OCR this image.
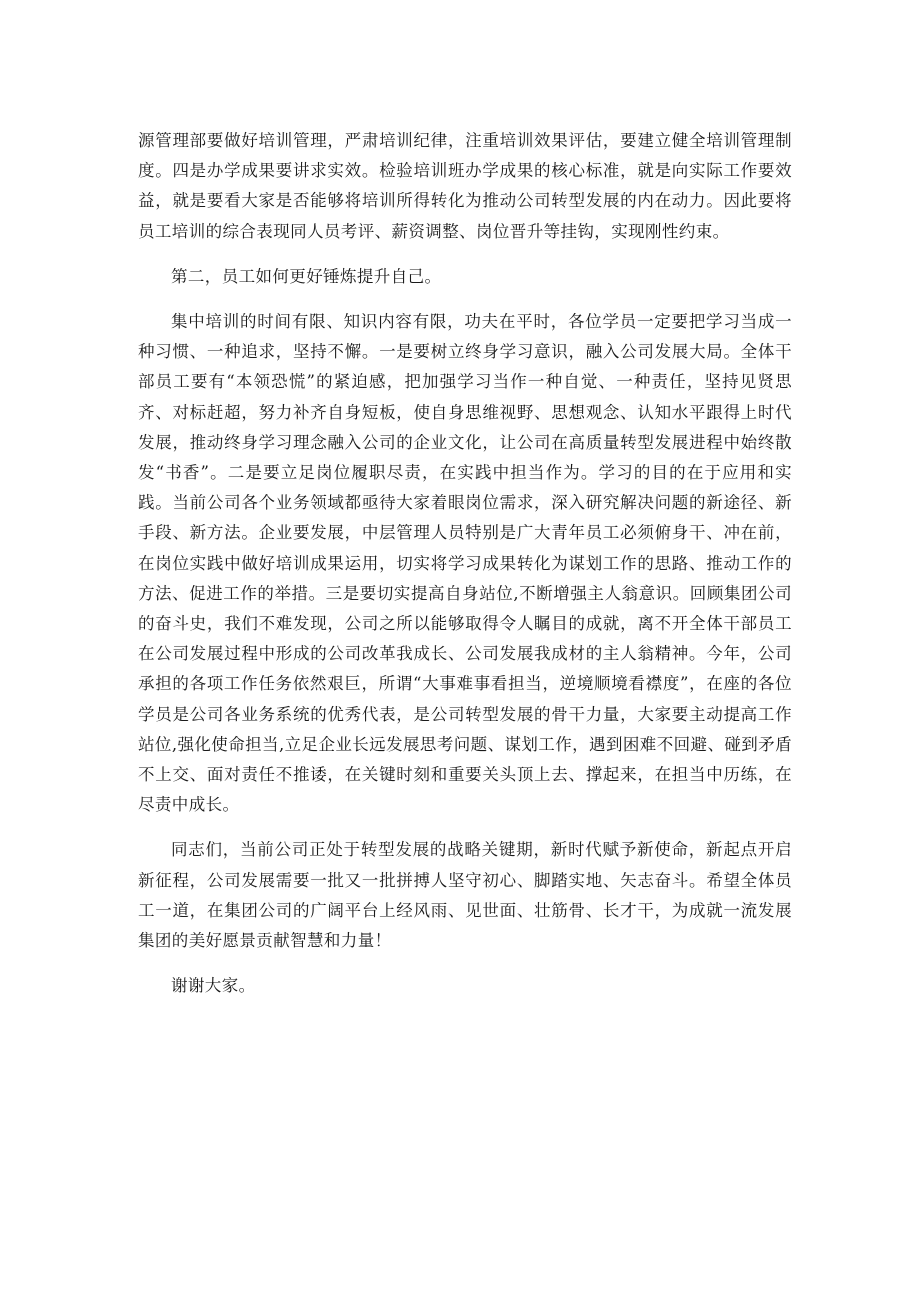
源管理部要做好培训管理，严肃培训纪律，注重培训效果评估，要建立健全培训管理制度。四是办学成果要讲求实效。检验培训班办学成果的核心标准，就是向实际工作要效益，就是要看大家是否能够将培训所得转化为推动公司转型发展的内在动力。因此要将员工培训的综合表现同人员考评、薪资调整、岗位晋升等挂钩，实现刚性约束。

第二，员工如何更好锤炼提升自己。

集中培训的时间有限、知识内容有限，功夫在平时，各位学员一定要把学习当成一种习惯、一种追求，坚持不懈。一是要树立终身学习意识，融入公司发展大局。全体干部员工要有“本领恐慌”的紧迫感，把加强学习当作一种自觉、一种责任，坚持见贤思齐、对标赶超，努力补齐自身短板，使自身思维视野、思想观念、认知水平跟得上时代发展，推动终身学习理念融入公司的企业文化，让公司在高质量转型发展进程中始终散发“书香”。二是要立足岗位履职尽责，在实践中担当作为。学习的目的在于应用和实践。当前公司各个业务领域都亟待大家着眼岗位需求，深入研究解决问题的新途径、新手段、新方法。企业要发展，中层管理人员特别是广大青年员工必须俯身干、冲在前，在岗位实践中做好培训成果运用，切实将学习成果转化为谋划工作的思路、推动工作的方法、促进工作的举措。三是要切实提高自身站位,不断增强主人翁意识。回顾集团公司的奋斗史，我们不难发现，公司之所以能够取得令人瞩目的成就，离不开全体干部员工在公司发展过程中形成的公司改革我成长、公司发展我成材的主人翁精神。今年，公司承担的各项工作任务依然艰巨，所谓“大事难事看担当，逆境顺境看襟度”，在座的各位学员是公司各业务系统的优秀代表，是公司转型发展的骨干力量，大家要主动提高工作站位,强化使命担当,立足企业长远发展思考问题、谋划工作，遇到困难不回避、碰到矛盾不上交、面对责任不推诿，在关键时刻和重要关头顶上去、撑起来，在担当中历练，在尽责中成长。

同志们，当前公司正处于转型发展的战略关键期，新时代赋予新使命，新起点开启新征程，公司发展需要一批又一批拼搏人坚守初心、脚踏实地、矢志奋斗。希望全体员工一道，在集团公司的广阔平台上经风雨、见世面、壮筋骨、长才干，为成就一流发展集团的美好愿景贡献智慧和力量！

谢谢大家。
